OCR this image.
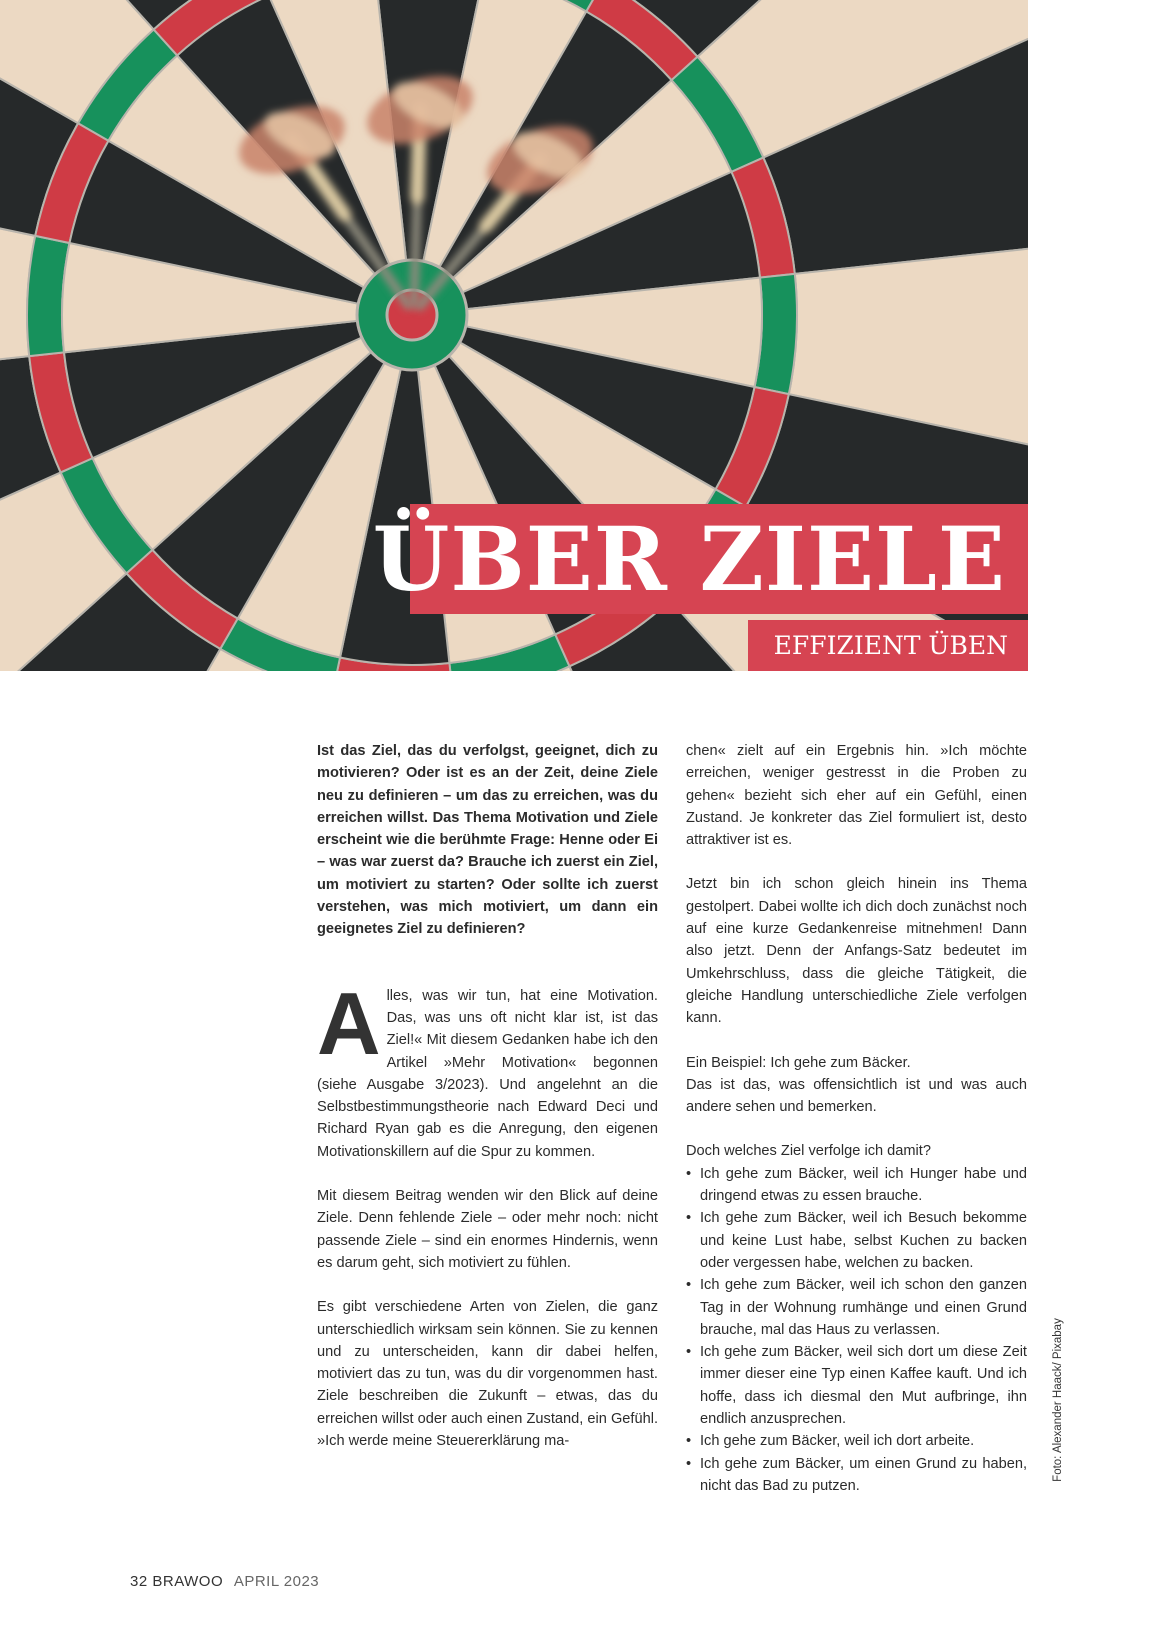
ÜBER ZIELE
EFFIZIENT ÜBEN

Ist das Ziel, das du verfolgst, geeignet, dich zu motivieren? Oder ist es an der Zeit, deine Ziele neu zu definieren – um das zu erreichen, was du erreichen willst. Das Thema Motivation und Ziele erscheint wie die berühmte Frage: Henne oder Ei – was war zuerst da? Brauche ich zuerst ein Ziel, um motiviert zu starten? Oder sollte ich zuerst verstehen, was mich motiviert, um dann ein geeignetes Ziel zu definieren?

Alles, was wir tun, hat eine Motivation. Das, was uns oft nicht klar ist, ist das Ziel!« Mit diesem Gedanken habe ich den Artikel »Mehr Motivation« begonnen (siehe Ausgabe 3/2023). Und angelehnt an die Selbstbestimmungstheorie nach Edward Deci und Richard Ryan gab es die Anregung, den eigenen Motivationskillern auf die Spur zu kommen.

Mit diesem Beitrag wenden wir den Blick auf deine Ziele. Denn fehlende Ziele – oder mehr noch: nicht passende Ziele – sind ein enormes Hindernis, wenn es darum geht, sich motiviert zu fühlen.

Es gibt verschiedene Arten von Zielen, die ganz unterschiedlich wirksam sein können. Sie zu kennen und zu unterscheiden, kann dir dabei helfen, motiviert das zu tun, was du dir vorgenommen hast. Ziele beschreiben die Zukunft – etwas, das du erreichen willst oder auch einen Zustand, ein Gefühl. »Ich werde meine Steuererklärung ma-

chen« zielt auf ein Ergebnis hin. »Ich möchte erreichen, weniger gestresst in die Proben zu gehen« bezieht sich eher auf ein Gefühl, einen Zustand. Je konkreter das Ziel formuliert ist, desto attraktiver ist es.

Jetzt bin ich schon gleich hinein ins Thema gestolpert. Dabei wollte ich dich doch zunächst noch auf eine kurze Gedankenreise mitnehmen! Dann also jetzt. Denn der Anfangs-Satz bedeutet im Umkehrschluss, dass die gleiche Tätigkeit, die gleiche Handlung unterschiedliche Ziele verfolgen kann.

Ein Beispiel: Ich gehe zum Bäcker.

Das ist das, was offensichtlich ist und was auch andere sehen und bemerken.

Doch welches Ziel verfolge ich damit?

• Ich gehe zum Bäcker, weil ich Hunger habe und dringend etwas zu essen brauche.
• Ich gehe zum Bäcker, weil ich Besuch bekomme und keine Lust habe, selbst Kuchen zu backen oder vergessen habe, welchen zu backen.
• Ich gehe zum Bäcker, weil ich schon den ganzen Tag in der Wohnung rumhänge und einen Grund brauche, mal das Haus zu verlassen.
• Ich gehe zum Bäcker, weil sich dort um diese Zeit immer dieser eine Typ einen Kaffee kauft. Und ich hoffe, dass ich diesmal den Mut aufbringe, ihn endlich anzusprechen.
• Ich gehe zum Bäcker, weil ich dort arbeite.
• Ich gehe zum Bäcker, um einen Grund zu haben, nicht das Bad zu putzen.
Foto: Alexander Haack/ Pixabay
32 BRAWOO APRIL 2023
